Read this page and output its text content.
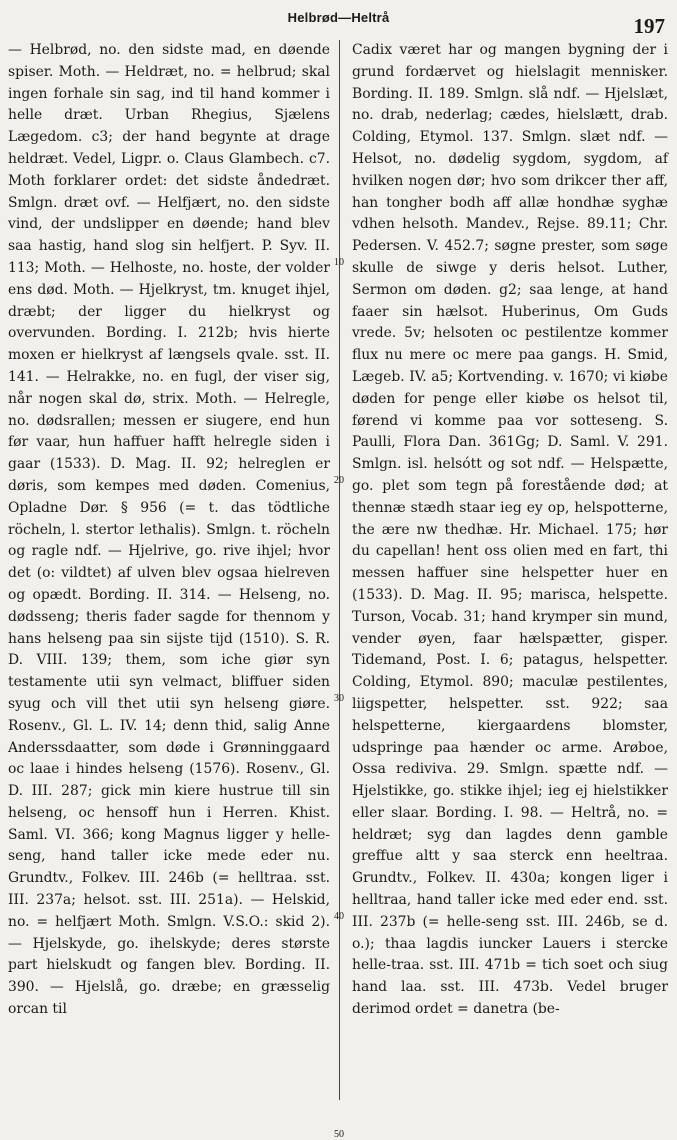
Helbrød—Heltrå	197

— Helbrød, no. den sidste mad, en døende spiser. Moth. — Heldræt, no. = helbrud; skal ingen forhale sin sag, ind til hand kommer i helle dræt. Urban Rhegius, Sjælens Lægedom. c3; der hand begynte at drage heldræt. Vedel, Ligpr. o. Claus Glambech. c7. Moth forklarer ordet: det sidste åndedræt. Smlgn. dræt ovf. — Helfjært, no. den sidste vind, der undslipper en døende; hand blev saa hastig, hand slog sin helfjert. P. Syv. II. 113; Moth. — Helhoste, no. hoste, der volder ens død. Moth. — Hjelkryst, tm. knuget ihjel, dræbt; der ligger du hielkryst og overvunden. Bording. I. 212b; hvis hierte moxen er hielkryst af længsels qvale. sst. II. 141. — Helrakke, no. en fugl, der viser sig, når nogen skal dø, strix. Moth. — Helregle, no. dødsrallen; messen er siugere, end hun før vaar, hun haffuer hafft helregle siden i gaar (1533). D. Mag. II. 92; helreglen er døris, som kempes med døden. Comenius, Opladne Dør. § 956 (= t. das tödtliche röcheln, l. stertor lethalis). Smlgn. t. röcheln og ragle ndf. — Hjelrive, go. rive ihjel; hvor det (o: vildtet) af ulven blev ogsaa hielreven og opædt. Bording. II. 314. — Helseng, no. dødsseng; theris fader sagde for thennom y hans helseng paa sin sijste tijd (1510). S. R. D. VIII. 139; them, som iche giør syn testamente utii syn velmact, bliffuer siden syug och vill thet utii syn helseng giøre. Rosenv., Gl. L. IV. 14; denn thid, salig Anne Anderssdaatter, som døde i Grønninggaard oc laae i hindes helseng (1576). Rosenv., Gl. D. III. 287; gick min kiere hustrue till sin helseng, oc hensoff hun i Herren. Khist. Saml. VI. 366; kong Magnus ligger y helle-seng, hand taller icke mede eder nu. Grundtv., Folkev. III. 246b (= helltraa. sst. III. 237a; helsot. sst. III. 251a). — Helskid, no. = helfjært Moth. Smlgn. V.S.O.: skid 2). — Hjelskyde, go. ihelskyde; deres største part hielskudt og fangen blev. Bording. II. 390. — Hjelslå, go. dræbe; en græsselig orcan til

10
20
30
40
50

Cadix været har og mangen bygning der i grund fordærvet og hielslagit mennisker. Bording. II. 189. Smlgn. slå ndf. — Hjelslæt, no. drab, nederlag; cædes, hielslætt, drab. Colding, Etymol. 137. Smlgn. slæt ndf. — Helsot, no. dødelig sygdom, sygdom, af hvilken nogen dør; hvo som drikcer ther aff, han tongher bodh aff allæ hondhæ syghæ vdhen helsoth. Mandev., Rejse. 89.11; Chr. Pedersen. V. 452.7; søgne prester, som søge skulle de siwge y deris helsot. Luther, Sermon om døden. g2; saa lenge, at hand faaer sin hælsot. Huberinus, Om Guds vrede. 5v; helsoten oc pestilentze kommer flux nu mere oc mere paa gangs. H. Smid, Lægeb. IV. a5; Kortvending. v. 1670; vi kiøbe døden for penge eller kiøbe os helsot til, førend vi komme paa vor sotteseng. S. Paulli, Flora Dan. 361Gg; D. Saml. V. 291. Smlgn. isl. helsótt og sot ndf. — Helspætte, go. plet som tegn på forestående død; at thennæ stædh staar ieg ey op, helspotterne, the ære nw thedhæ. Hr. Michael. 175; hør du capellan! hent oss olien med en fart, thi messen haffuer sine helspetter huer en (1533). D. Mag. II. 95; marisca, helspette. Turson, Vocab. 31; hand krymper sin mund, vender øyen, faar hælspætter, gisper. Tidemand, Post. I. 6; patagus, helspetter. Colding, Etymol. 890; maculæ pestilentes, liigspetter, helspetter. sst. 922; saa helspetterne, kiergaardens blomster, udspringe paa hænder oc arme. Arøboe, Ossa rediviva. 29. Smlgn. spætte ndf. — Hjelstikke, go. stikke ihjel; ieg ej hielstikker eller slaar. Bording. I. 98. — Heltrå, no. = heldræt; syg dan lagdes denn gamble greffue altt y saa sterck enn heeltraa. Grundtv., Folkev. II. 430a; kongen liger i helltraa, hand taller icke med eder end. sst. III. 237b (= helle-seng sst. III. 246b, se d. o.); thaa lagdis iuncker Lauers i stercke helle-traa. sst. III. 471b = tich soet och siug hand laa. sst. III. 473b. Vedel bruger derimod ordet = danetra (be-
